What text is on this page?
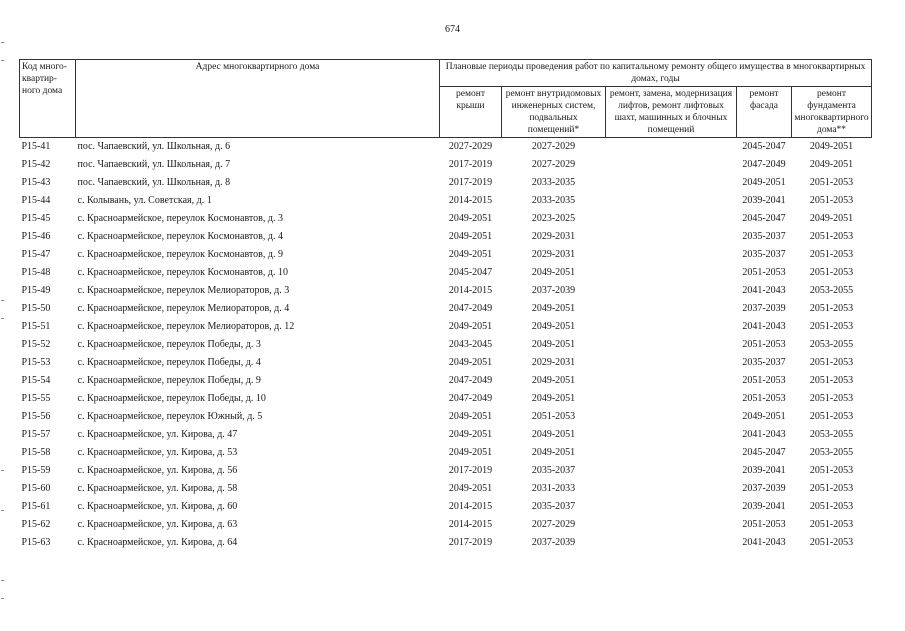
674
Код много-квартир-ного дома	Адрес многоквартирного дома	Плановые периоды проведения работ по капитальному ремонту общего имущества в многоквартирных домах, годы				
		ремонт крыши	ремонт внутридомовых инженерных систем, подвальных помещений*	ремонт, замена, модернизация лифтов, ремонт лифтовых шахт, машинных и блочных помещений	ремонт фасада	ремонт фундамента многоквартирного дома**
P15-41	пос. Чапаевский, ул. Школьная, д. 6	2027-2029	2027-2029		2045-2047	2049-2051
P15-42	пос. Чапаевский, ул. Школьная, д. 7	2017-2019	2027-2029		2047-2049	2049-2051
P15-43	пос. Чапаевский, ул. Школьная, д. 8	2017-2019	2033-2035		2049-2051	2051-2053
P15-44	с. Колывань, ул. Советская, д. 1	2014-2015	2033-2035		2039-2041	2051-2053
P15-45	с. Красноармейское, переулок Космонавтов, д. 3	2049-2051	2023-2025		2045-2047	2049-2051
P15-46	с. Красноармейское, переулок Космонавтов, д. 4	2049-2051	2029-2031		2035-2037	2051-2053
P15-47	с. Красноармейское, переулок Космонавтов, д. 9	2049-2051	2029-2031		2035-2037	2051-2053
P15-48	с. Красноармейское, переулок Космонавтов, д. 10	2045-2047	2049-2051		2051-2053	2051-2053
P15-49	с. Красноармейское, переулок Мелиораторов, д. 3	2014-2015	2037-2039		2041-2043	2053-2055
P15-50	с. Красноармейское, переулок Мелиораторов, д. 4	2047-2049	2049-2051		2037-2039	2051-2053
P15-51	с. Красноармейское, переулок Мелиораторов, д. 12	2049-2051	2049-2051		2041-2043	2051-2053
P15-52	с. Красноармейское, переулок Победы, д. 3	2043-2045	2049-2051		2051-2053	2053-2055
P15-53	с. Красноармейское, переулок Победы, д. 4	2049-2051	2029-2031		2035-2037	2051-2053
P15-54	с. Красноармейское, переулок Победы, д. 9	2047-2049	2049-2051		2051-2053	2051-2053
P15-55	с. Красноармейское, переулок Победы, д. 10	2047-2049	2049-2051		2051-2053	2051-2053
P15-56	с. Красноармейское, переулок Южный, д. 5	2049-2051	2051-2053		2049-2051	2051-2053
P15-57	с. Красноармейское, ул. Кирова, д. 47	2049-2051	2049-2051		2041-2043	2053-2055
P15-58	с. Красноармейское, ул. Кирова, д. 53	2049-2051	2049-2051		2045-2047	2053-2055
P15-59	с. Красноармейское, ул. Кирова, д. 56	2017-2019	2035-2037		2039-2041	2051-2053
P15-60	с. Красноармейское, ул. Кирова, д. 58	2049-2051	2031-2033		2037-2039	2051-2053
P15-61	с. Красноармейское, ул. Кирова, д. 60	2014-2015	2035-2037		2039-2041	2051-2053
P15-62	с. Красноармейское, ул. Кирова, д. 63	2014-2015	2027-2029		2051-2053	2051-2053
P15-63	с. Красноармейское, ул. Кирова, д. 64	2017-2019	2037-2039		2041-2043	2051-2053
